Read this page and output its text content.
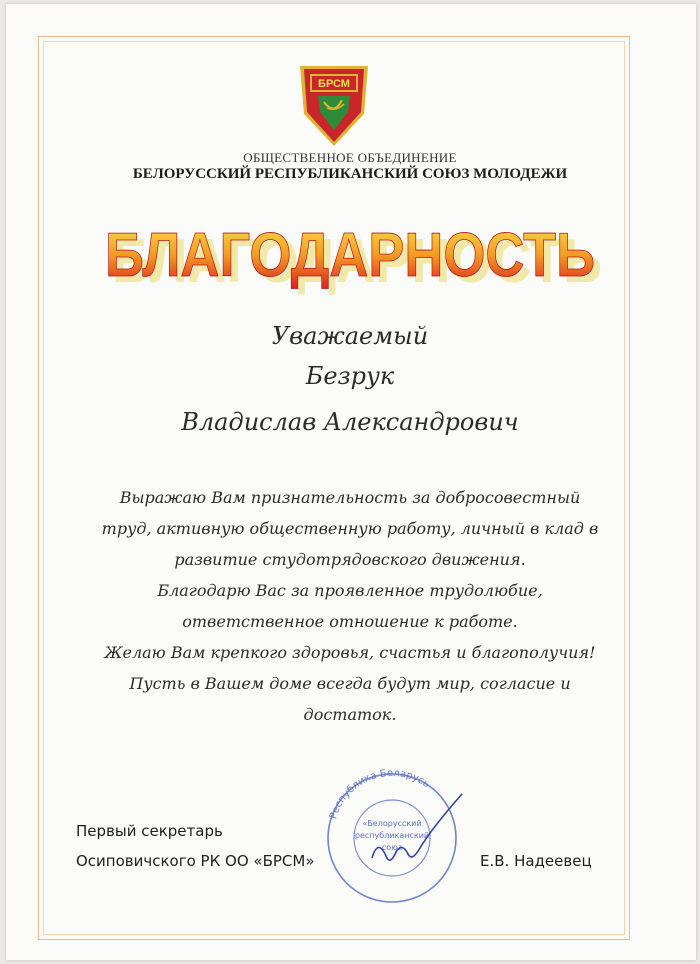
БРСМ
ОБЩЕСТВЕННОЕ ОБЪЕДИНЕНИЕ
БЕЛОРУССКИЙ РЕСПУБЛИКАНСКИЙ СОЮЗ МОЛОДЕЖИ
БЛАГОДАРНОСТЬ
БЛАГОДАРНОСТЬ
Уважаемый
Безрук
Владислав Александрович
Выражаю Вам признательность за добросовестный
труд, активную общественную работу, личный в клад в
развитие студотрядовского движения.
Благодарю Вас за проявленное трудолюбие,
ответственное отношение к работе.
Желаю Вам крепкого здоровья, счастья и благополучия!
Пусть в Вашем доме всегда будут мир, согласие и
достаток.
Республика Беларусь
«Белорусский
республиканский
союз
Первый секретарь
Осиповичского РК ОО «БРСМ»	Е.В. Надеевец
